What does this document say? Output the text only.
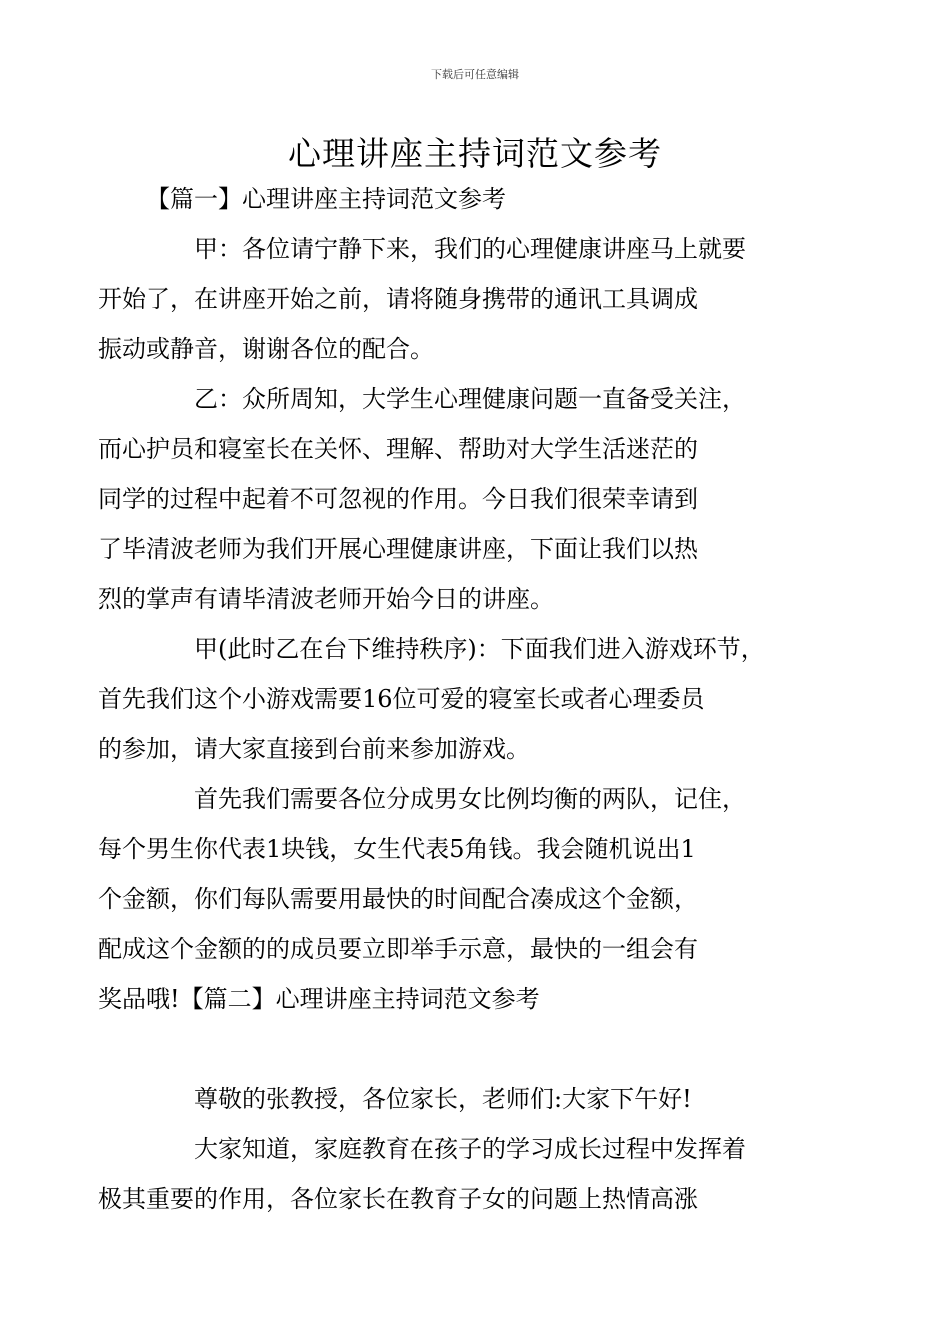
下载后可任意编辑
心理讲座主持词范文参考
【篇一】心理讲座主持词范文参考

甲：各位请宁静下来，我们的心理健康讲座马上就要
开始了，在讲座开始之前，请将随身携带的通讯工具调成
振动或静音，谢谢各位的配合。

乙：众所周知，大学生心理健康问题一直备受关注，
而心护员和寝室长在关怀、理解、帮助对大学生活迷茫的
同学的过程中起着不可忽视的作用。今日我们很荣幸请到
了毕清波老师为我们开展心理健康讲座，下面让我们以热
烈的掌声有请毕清波老师开始今日的讲座。

甲(此时乙在台下维持秩序)：下面我们进入游戏环节，
首先我们这个小游戏需要16位可爱的寝室长或者心理委员
的参加，请大家直接到台前来参加游戏。

首先我们需要各位分成男女比例均衡的两队，记住，
每个男生你代表1块钱，女生代表5角钱。我会随机说出1
个金额，你们每队需要用最快的时间配合凑成这个金额，
配成这个金额的的成员要立即举手示意，最快的一组会有
奖品哦!【篇二】心理讲座主持词范文参考

尊敬的张教授，各位家长，老师们:大家下午好!

大家知道，家庭教育在孩子的学习成长过程中发挥着
极其重要的作用，各位家长在教育子女的问题上热情高涨
